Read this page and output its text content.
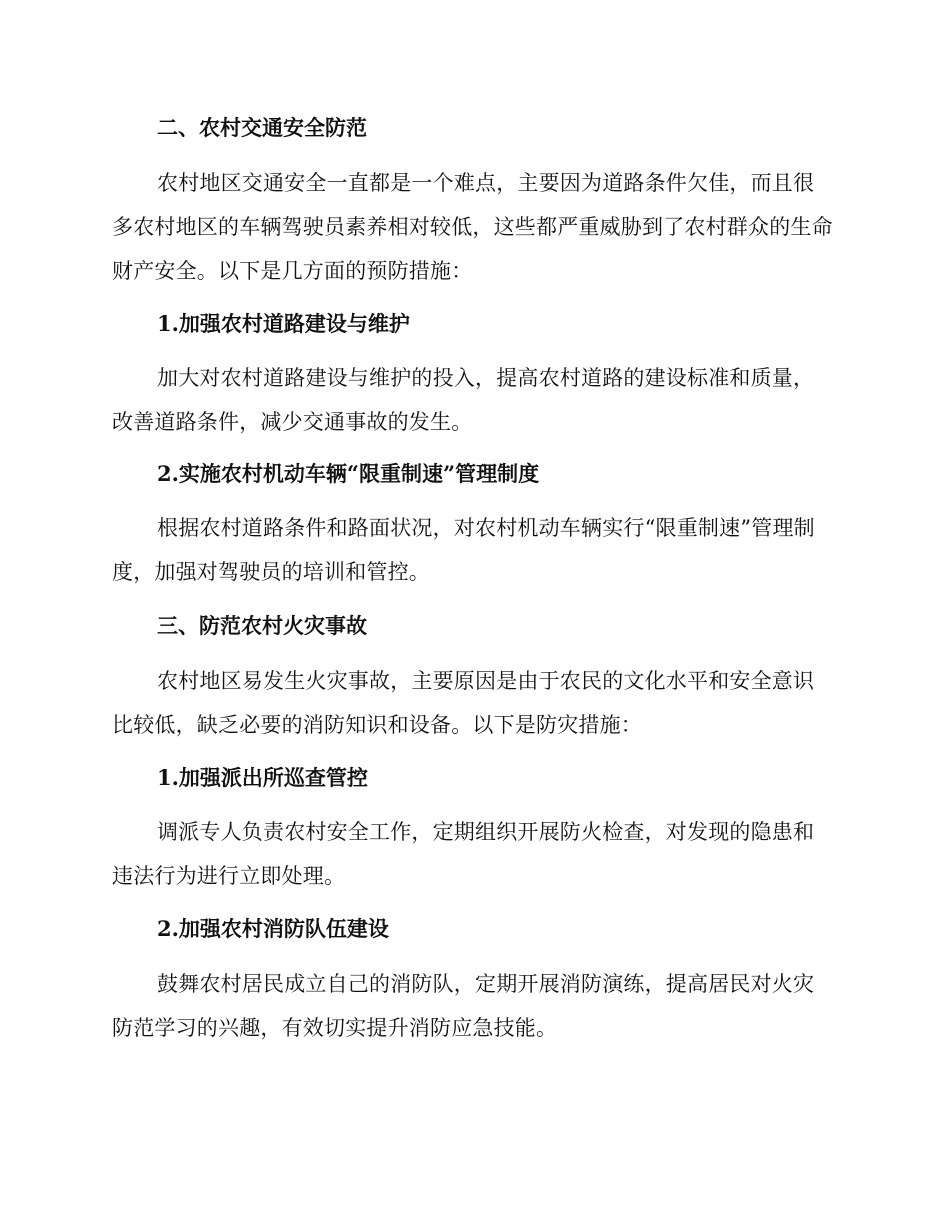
二、农村交通安全防范

农村地区交通安全一直都是一个难点，主要因为道路条件欠佳，而且很多农村地区的车辆驾驶员素养相对较低，这些都严重威胁到了农村群众的生命财产安全。以下是几方面的预防措施：

1.加强农村道路建设与维护

加大对农村道路建设与维护的投入，提高农村道路的建设标准和质量，改善道路条件，减少交通事故的发生。

2.实施农村机动车辆“限重制速”管理制度

根据农村道路条件和路面状况，对农村机动车辆实行“限重制速”管理制度，加强对驾驶员的培训和管控。

三、防范农村火灾事故

农村地区易发生火灾事故，主要原因是由于农民的文化水平和安全意识比较低，缺乏必要的消防知识和设备。以下是防灾措施：

1.加强派出所巡查管控

调派专人负责农村安全工作，定期组织开展防火检查，对发现的隐患和违法行为进行立即处理。

2.加强农村消防队伍建设

鼓舞农村居民成立自己的消防队，定期开展消防演练，提高居民对火灾防范学习的兴趣，有效切实提升消防应急技能。
